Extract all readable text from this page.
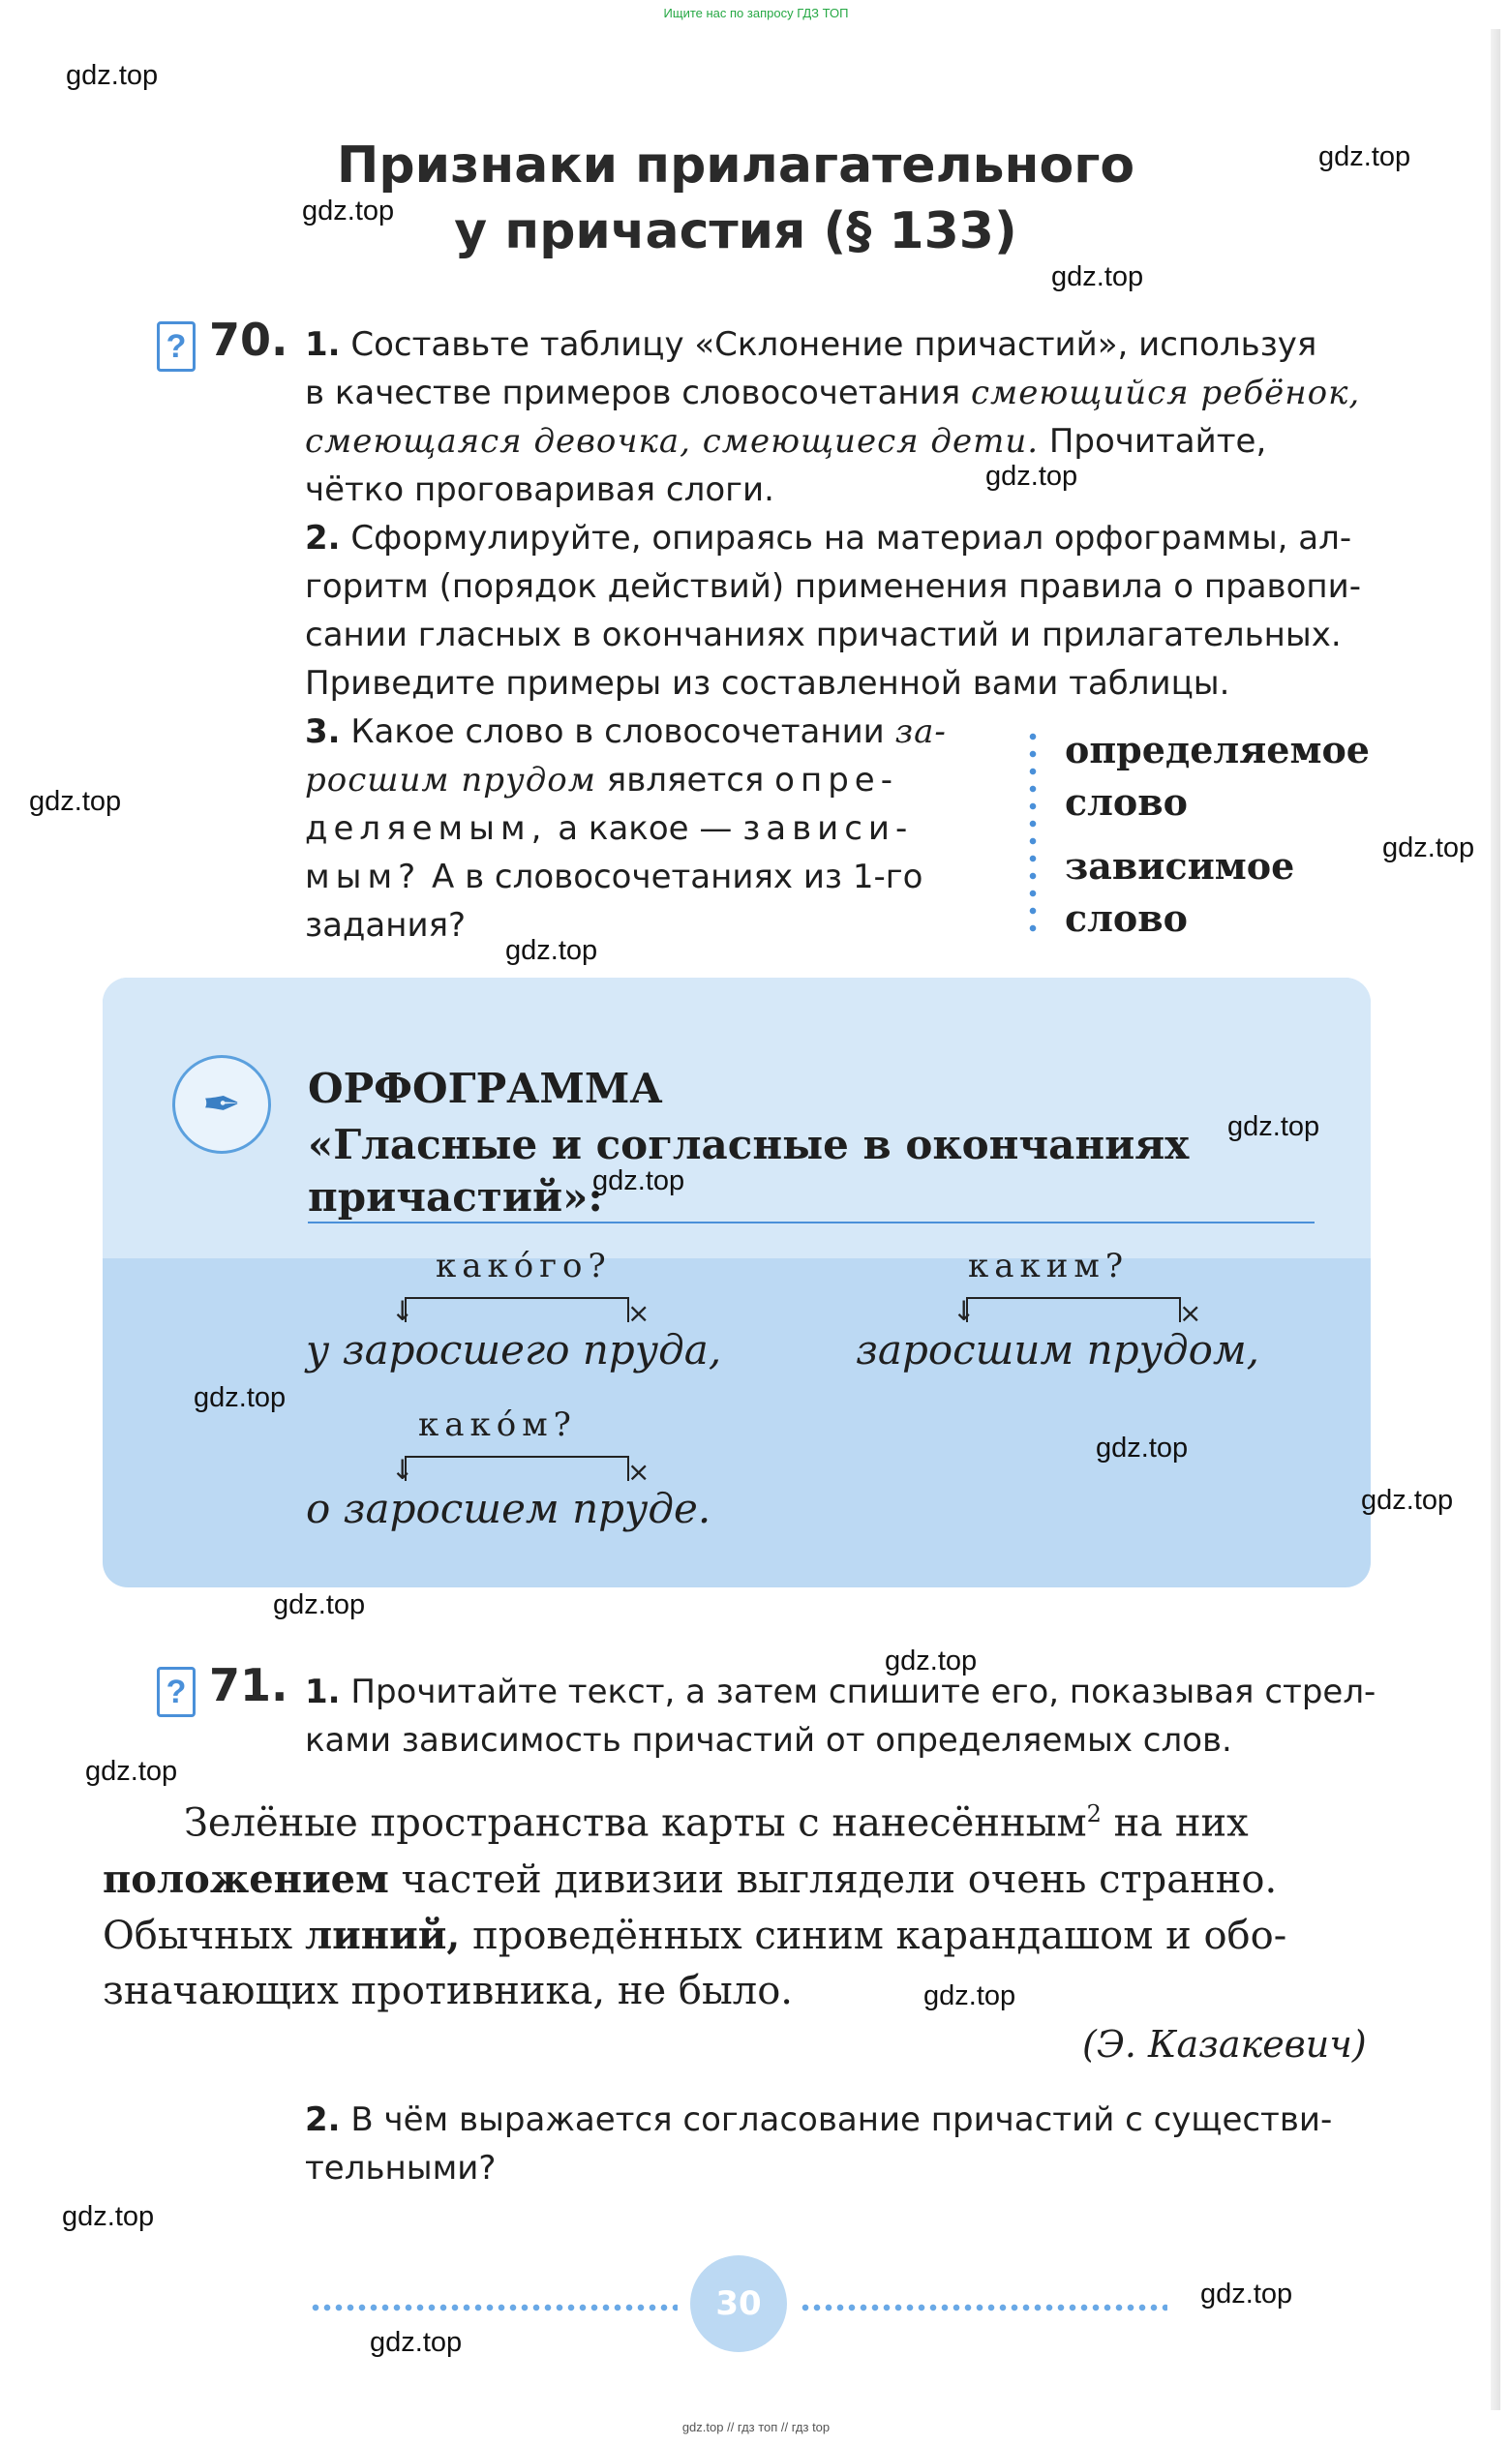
Ищите нас по запросу ГДЗ ТОП
Признаки прилагательного
у причастия (§ 133)
? 70. 1. Составьте таблицу «Склонение причастий», используя
в качестве примеров словосочетания смеющийся ребёнок,
смеющаяся девочка, смеющиеся дети. Прочитайте,
чётко проговаривая слоги.
2. Сформулируйте, опираясь на материал орфограммы, ал-
горитм (порядок действий) применения правила о правопи-
сании гласных в окончаниях причастий и прилагательных.
Приведите примеры из составленной вами таблицы.
3. Какое слово в словосочетании за-
росшим прудом является опре-
деляемым, а какое — зависи-
мым? А в словосочетаниях из 1-го
задания?
определяемое
слово
зависимое
слово
✒	ОРФОГРАММА
«Гласные и согласные в окончаниях
причастий»:
какóго?
↓	×
у заросшего пруда,
каким?
↓	×
заросшим прудом,
какóм?
↓	×
о заросшем пруде.
? 71. 1. Прочитайте текст, а затем спишите его, показывая стрел-
ками зависимость причастий от определяемых слов.
Зелёные пространства карты с нанесённым$^2$ на них
положением частей дивизии выглядели очень странно.
Обычных линий, проведённых синим карандашом и обо-
значающих противника, не было.
(Э. Казакевич)
2. В чём выражается согласование причастий с существи-
тельными?
30
gdz.top
gdz.top
gdz.top
gdz.top
gdz.top
gdz.top
gdz.top
gdz.top
gdz.top
gdz.top
gdz.top
gdz.top
gdz.top
gdz.top
gdz.top
gdz.top
gdz.top
gdz.top
gdz.top
gdz.top
gdz.top // гдз топ // гдз top
